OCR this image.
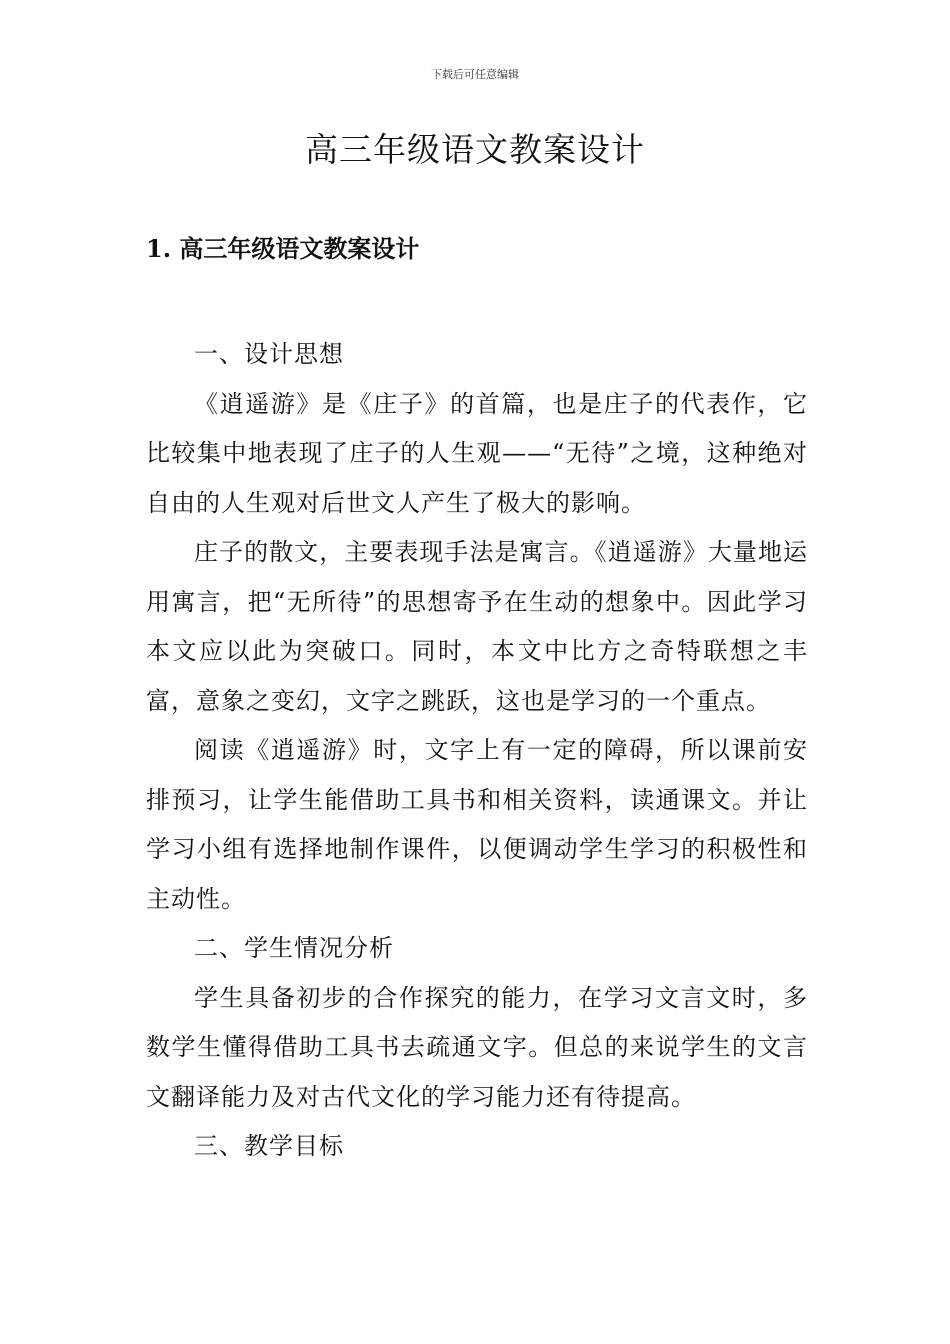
下载后可任意编辑
高三年级语文教案设计
1. 高三年级语文教案设计

一、设计思想

《逍遥游》是《庄子》的首篇，也是庄子的代表作，它比较集中地表现了庄子的人生观——“无待”之境，这种绝对自由的人生观对后世文人产生了极大的影响。

庄子的散文，主要表现手法是寓言。《逍遥游》大量地运用寓言，把“无所待”的思想寄予在生动的想象中。因此学习本文应以此为突破口。同时，本文中比方之奇特联想之丰富，意象之变幻，文字之跳跃，这也是学习的一个重点。

阅读《逍遥游》时，文字上有一定的障碍，所以课前安排预习，让学生能借助工具书和相关资料，读通课文。并让学习小组有选择地制作课件，以便调动学生学习的积极性和主动性。

二、学生情况分析

学生具备初步的合作探究的能力，在学习文言文时，多数学生懂得借助工具书去疏通文字。但总的来说学生的文言文翻译能力及对古代文化的学习能力还有待提高。

三、教学目标
